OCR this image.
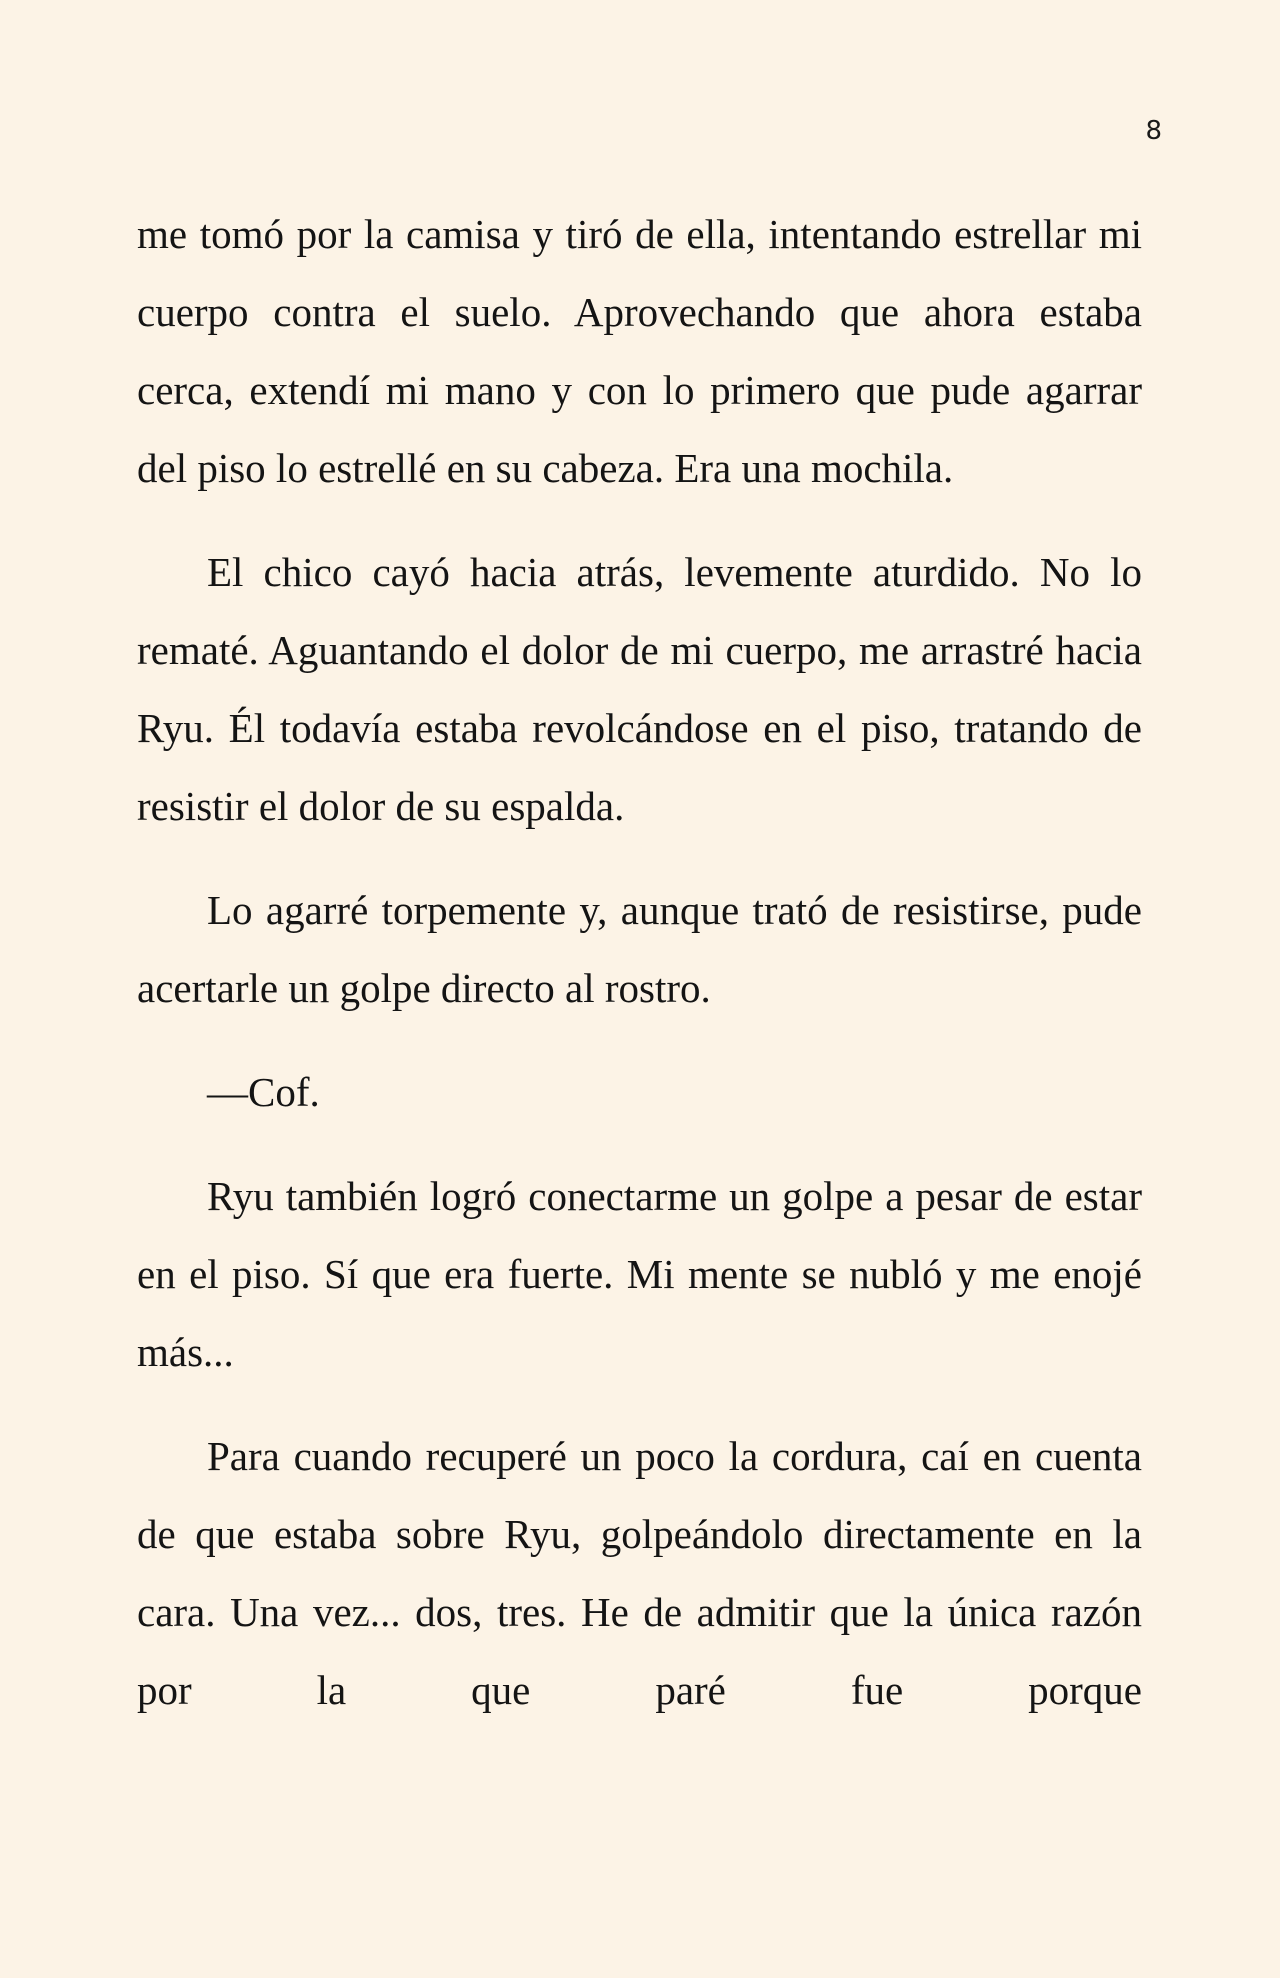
8

me tomó por la camisa y tiró de ella, intentando estrellar mi cuerpo contra el suelo. Aprovechando que ahora estaba cerca, extendí mi mano y con lo primero que pude agarrar del piso lo estrellé en su cabeza. Era una mochila.

El chico cayó hacia atrás, levemente aturdido. No lo rematé. Aguantando el dolor de mi cuerpo, me arrastré hacia Ryu. Él todavía estaba revolcándose en el piso, tratando de resistir el dolor de su espalda.

Lo agarré torpemente y, aunque trató de resistirse, pude acertarle un golpe directo al rostro.

—Cof.

Ryu también logró conectarme un golpe a pesar de estar en el piso. Sí que era fuerte. Mi mente se nubló y me enojé más...

Para cuando recuperé un poco la cordura, caí en cuenta de que estaba sobre Ryu, golpeándolo directamente en la cara. Una vez... dos, tres. He de admitir que la única razón por la que paré fue porque
